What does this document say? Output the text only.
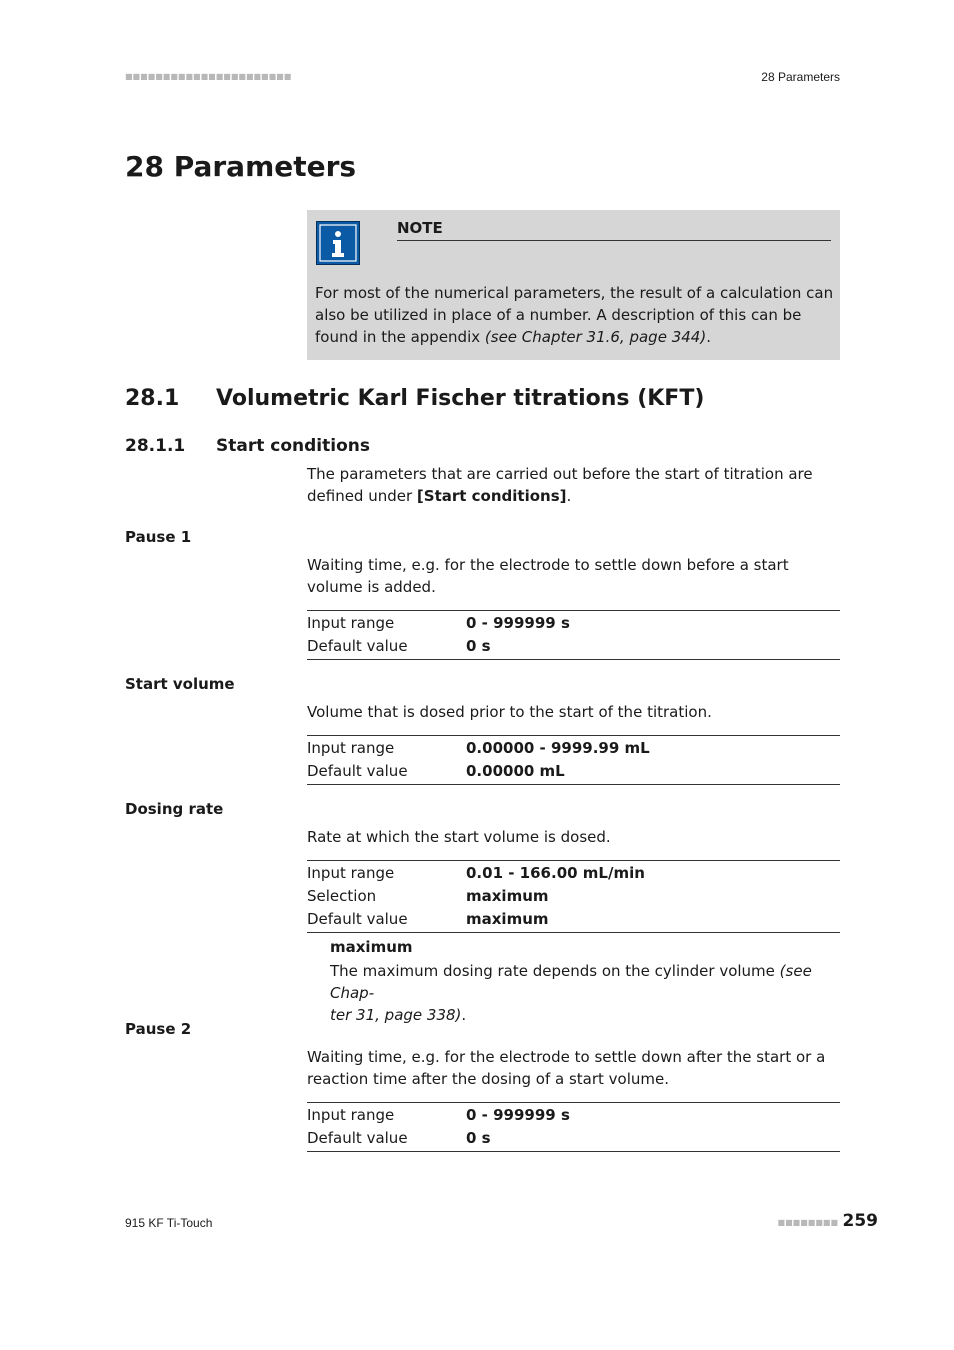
■■■■■■■■■■■■■■■■■■■■■■	28 Parameters
28 Parameters
NOTE
For most of the numerical parameters, the result of a calculation can also be utilized in place of a number. A description of this can be found in the appendix (see Chapter 31.6, page 344).
28.1 Volumetric Karl Fischer titrations (KFT)
28.1.1 Start conditions
The parameters that are carried out before the start of titration are defined under [Start conditions].
Pause 1
Waiting time, e.g. for the electrode to settle down before a start volume is added.
Input range	0 - 999999 s
Default value	0 s
Start volume
Volume that is dosed prior to the start of the titration.
Input range	0.00000 - 9999.99 mL
Default value	0.00000 mL
Dosing rate
Rate at which the start volume is dosed.
Input range	0.01 - 166.00 mL/min
Selection	maximum
Default value	maximum
maximum
The maximum dosing rate depends on the cylinder volume (see Chap-
ter 31, page 338).
Pause 2
Waiting time, e.g. for the electrode to settle down after the start or a reaction time after the dosing of a start volume.
Input range	0 - 999999 s
Default value	0 s
915 KF Ti-Touch	■■■■■■■■ 259
